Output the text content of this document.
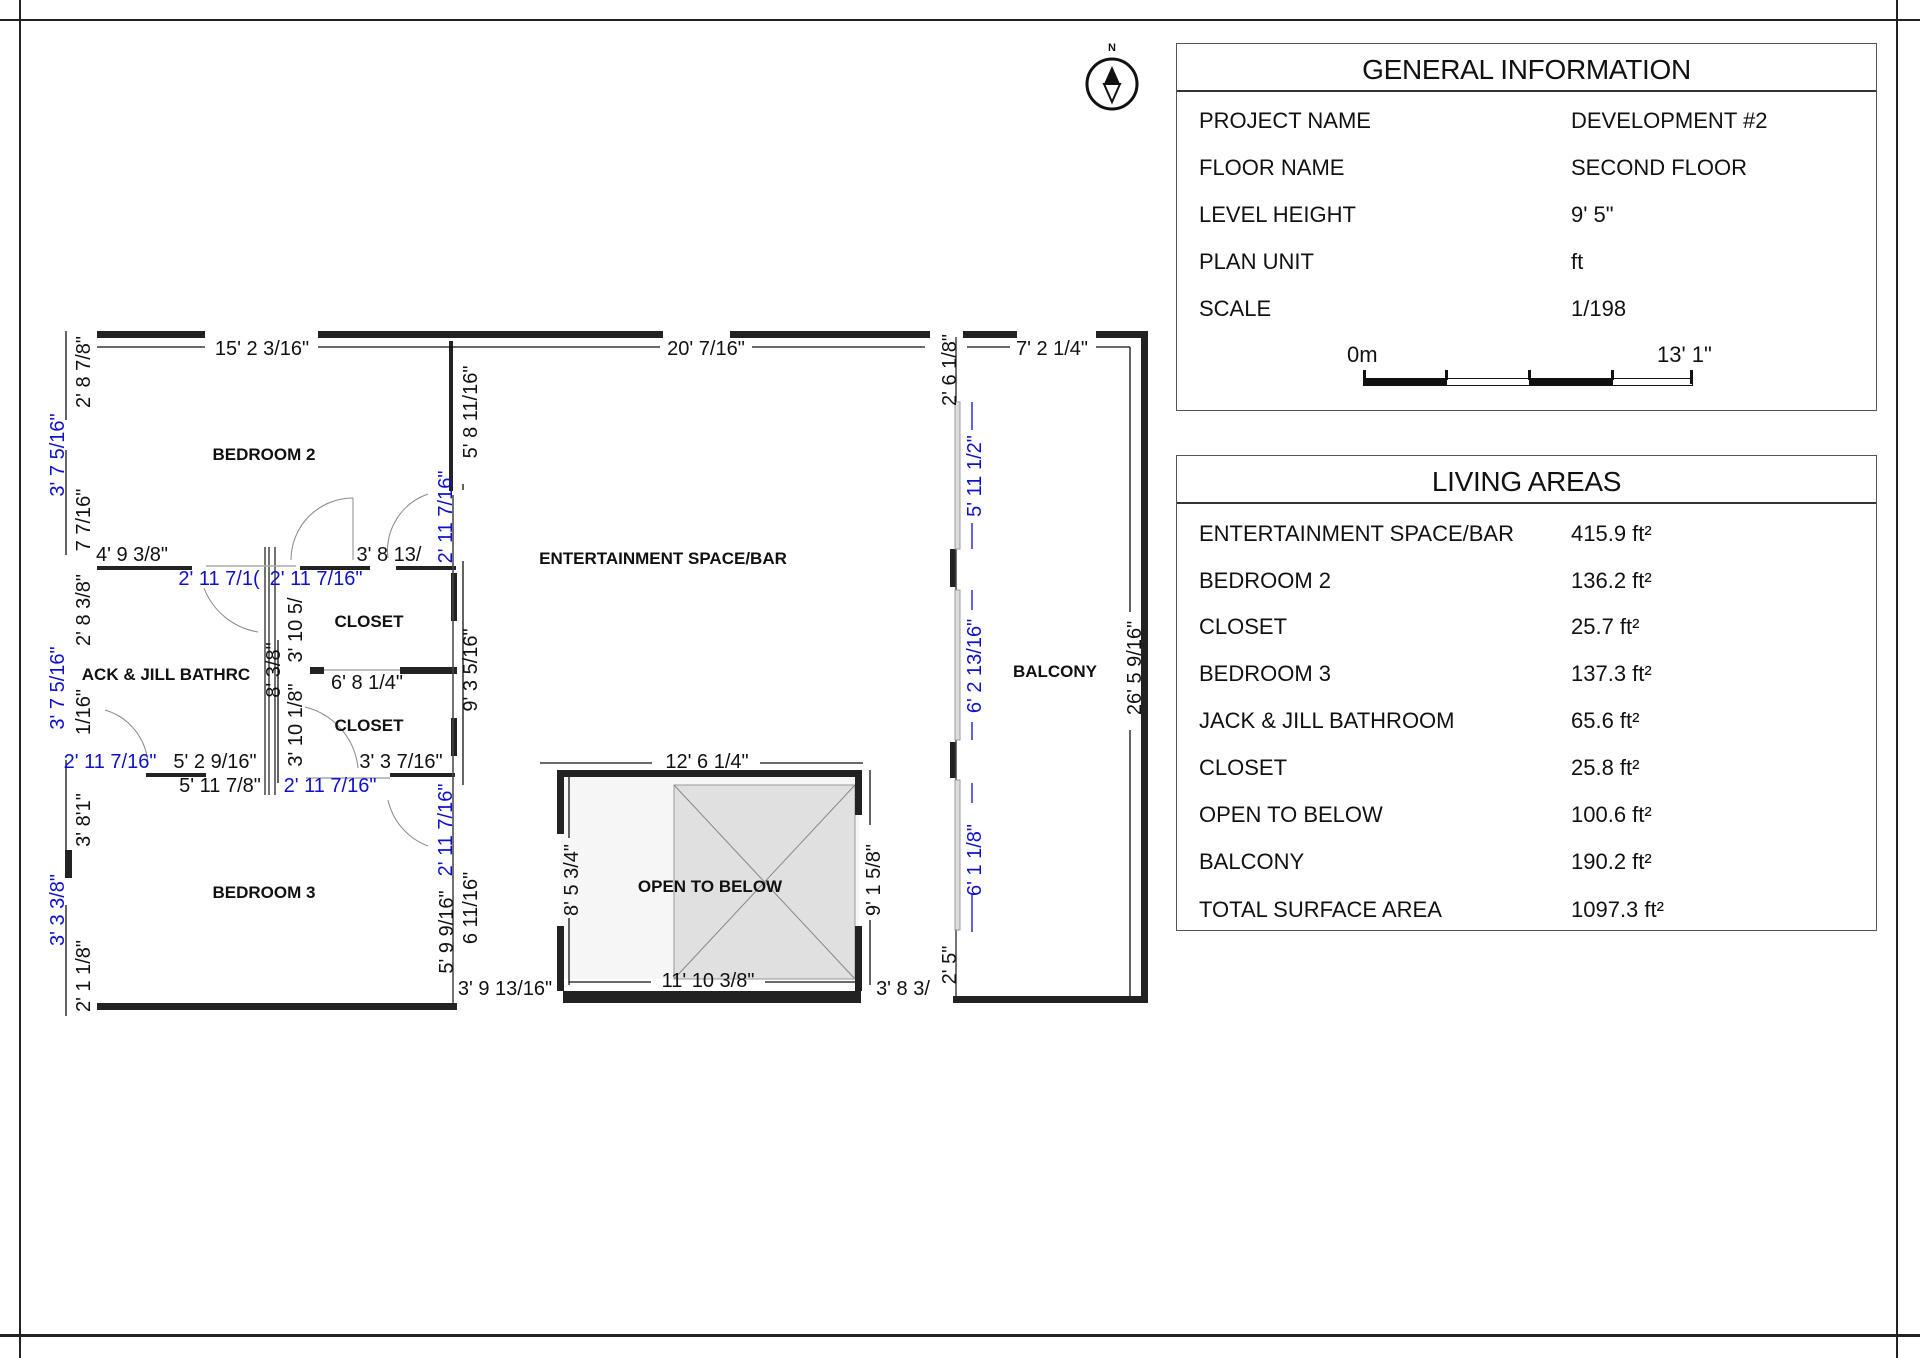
N
GENERAL INFORMATION
PROJECT NAME	DEVELOPMENT #2
FLOOR NAME	SECOND FLOOR
LEVEL HEIGHT	9' 5"
PLAN UNIT	ft
SCALE	1/198
0m	13' 1"
LIVING AREAS
ENTERTAINMENT SPACE/BAR	415.9 ft²
BEDROOM 2	136.2 ft²
CLOSET	25.7 ft²
BEDROOM 3	137.3 ft²
JACK & JILL BATHROOM	65.6 ft²
CLOSET	25.8 ft²
OPEN TO BELOW	100.6 ft²
BALCONY	190.2 ft²
TOTAL SURFACE AREA	1097.3 ft²
BEDROOM 2
ENTERTAINMENT SPACE/BAR
CLOSET
ACK & JILL BATHRC
CLOSET
BEDROOM 3	OPEN TO BELOW
BALCONY
15' 2 3/16"	20' 7/16"	7' 2 1/4"
4' 9 3/8"	3' 8 13/
6' 8 1/4"
5' 2 9/16"	3' 3 7/16"
5' 11 7/8"
3' 9 13/16"
12' 6 1/4"
11' 10 3/8"	3' 8 3/
2' 11 7/1( 2' 11 7/16"
2' 11 7/16"
2' 11 7/16"
2' 8 7/8"
7 7/16"
2' 8 3/8"
1/16"
3' 8'1"
2' 1 1/8"
8' 3/8"
3' 10 5/
3' 10 1/8"
5' 8 11/16"
9' 3 5/16"
5' 9 9/16" 6 11/16"	8' 5 3/4"	9' 1 5/8"
2' 6 1/8"
2' 5"
26' 5 9/16"
3' 7 5/16"
3' 7 5/16"
3' 3 3/8"
2' 11 7/16"
2' 11 7/16"
5' 11 1/2"
6' 2 13/16"
6' 1 1/8"
